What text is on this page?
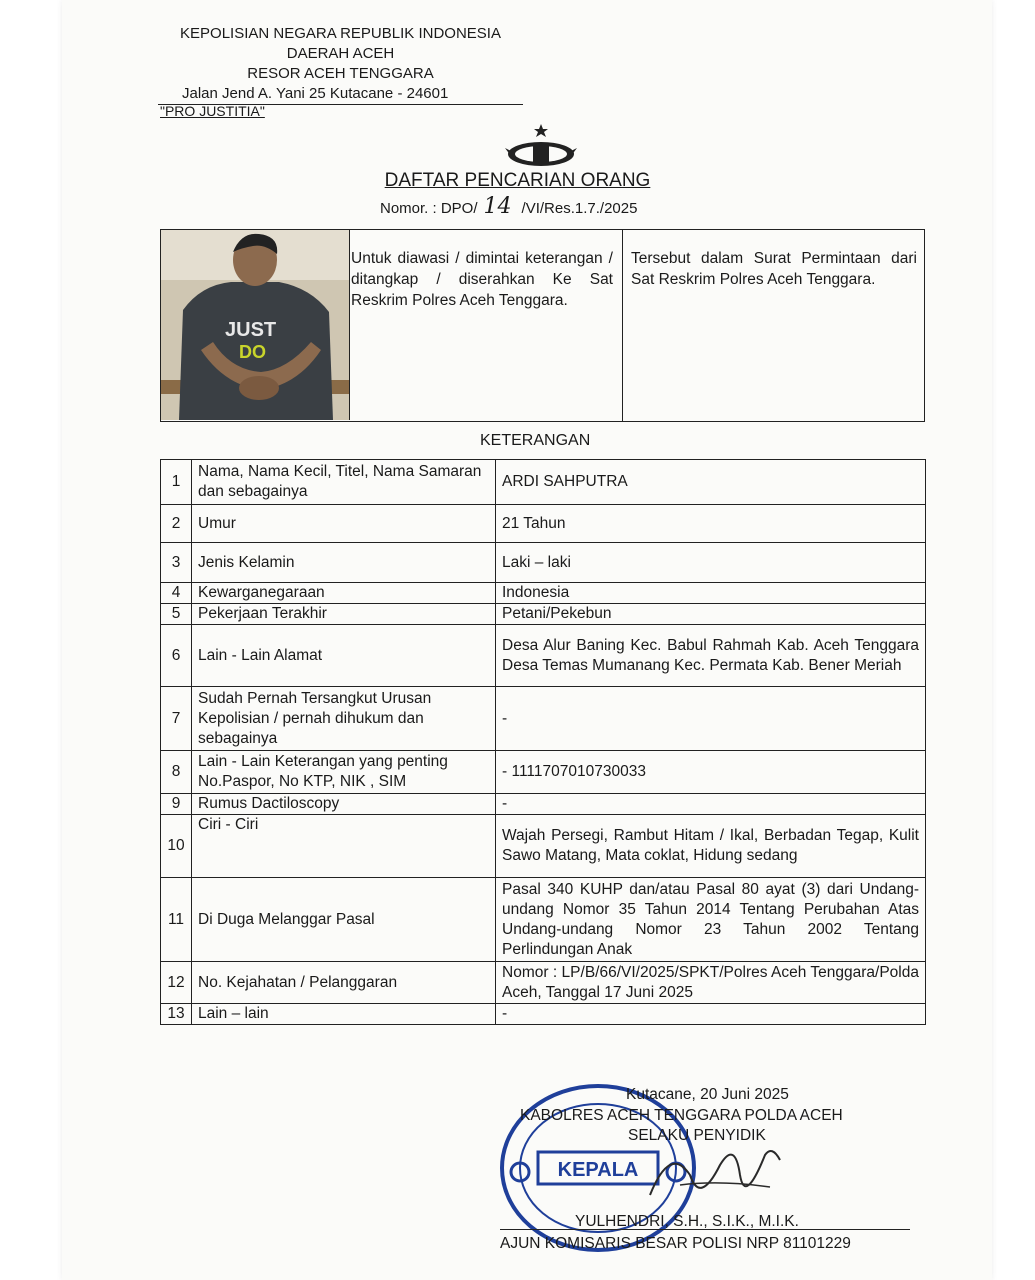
KEPOLISIAN NEGARA REPUBLIK INDONESIA
DAERAH ACEH
RESOR ACEH TENGGARA
Jalan Jend A. Yani 25 Kutacane - 24601
"PRO JUSTITIA"
DAFTAR PENCARIAN ORANG
Nomor. : DPO/ 14 /VI/Res.1.7./2025
JUST
DO
Untuk diawasi / dimintai keterangan / ditangkap / diserahkan Ke Sat Reskrim Polres Aceh Tenggara.
Tersebut dalam Surat Permintaan dari Sat Reskrim Polres Aceh Tenggara.
KETERANGAN
1	Nama, Nama Kecil, Titel, Nama Samaran dan sebagainya	ARDI SAHPUTRA
2	Umur	21 Tahun
3	Jenis Kelamin	Laki – laki
4	Kewarganegaraan	Indonesia
5	Pekerjaan Terakhir	Petani/Pekebun
6	Lain - Lain Alamat	Desa Alur Baning Kec. Babul Rahmah Kab. Aceh Tenggara Desa Temas Mumanang Kec. Permata Kab. Bener Meriah
7	Sudah Pernah Tersangkut Urusan Kepolisian / pernah dihukum dan sebagainya	-
8	Lain - Lain Keterangan yang penting No.Paspor, No KTP, NIK , SIM	- 1111707010730033
9	Rumus Dactiloscopy	-
10	Ciri - Ciri	Wajah Persegi, Rambut Hitam / Ikal, Berbadan Tegap, Kulit Sawo Matang, Mata coklat, Hidung sedang
11	Di Duga Melanggar Pasal	Pasal 340 KUHP dan/atau Pasal 80 ayat (3) dari Undang-undang Nomor 35 Tahun 2014 Tentang Perubahan Atas Undang-undang Nomor 23 Tahun 2002 Tentang Perlindungan Anak
12	No. Kejahatan / Pelanggaran	Nomor : LP/B/66/VI/2025/SPKT/Polres Aceh Tenggara/Polda Aceh, Tanggal 17 Juni 2025
13	Lain – lain	-
KEPALA
Kutacane, 20 Juni 2025
KABOLRES ACEH TENGGARA POLDA ACEH
SELAKU PENYIDIK
YULHENDRI, S.H., S.I.K., M.I.K.
AJUN KOMISARIS BESAR POLISI NRP 81101229
